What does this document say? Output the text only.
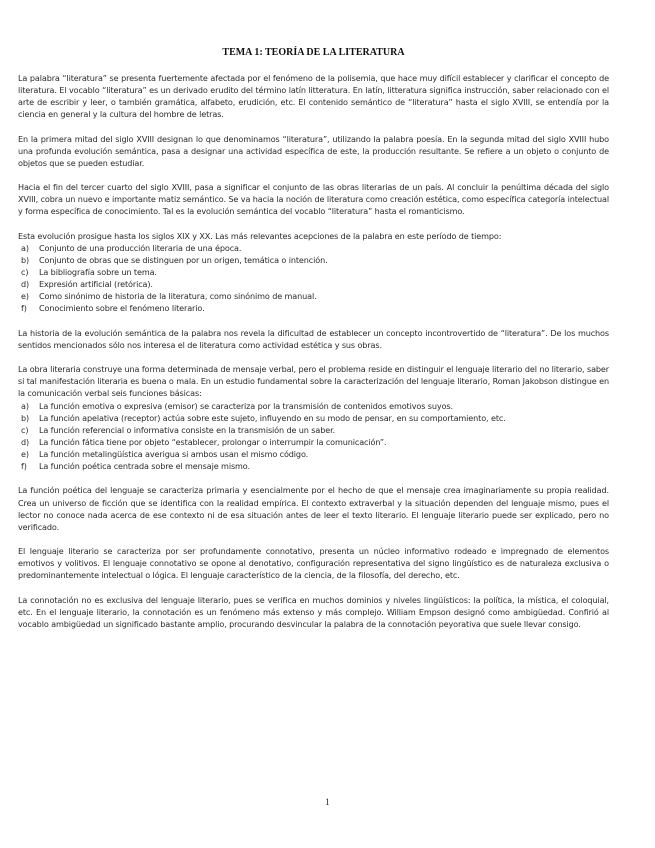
TEMA 1: TEORÍA DE LA LITERATURA

La palabra “literatura” se presenta fuertemente afectada por el fenómeno de la polisemia, que hace muy difícil establecer y clarificar el concepto de literatura. El vocablo “literatura” es un derivado erudito del término latín litteratura. En latín, litteratura significa instrucción, saber relacionado con el arte de escribir y leer, o también gramática, alfabeto, erudición, etc. El contenido semántico de “literatura” hasta el siglo XVIII, se entendía por la ciencia en general y la cultura del hombre de letras.

En la primera mitad del siglo XVIII designan lo que denominamos “literatura”, utilizando la palabra poesía. En la segunda mitad del siglo XVIII hubo una profunda evolución semántica, pasa a designar una actividad específica de este, la producción resultante. Se refiere a un objeto o conjunto de objetos que se pueden estudiar.

Hacia el fin del tercer cuarto del siglo XVIII, pasa a significar el conjunto de las obras literarias de un país. Al concluir la penúltima década del siglo XVIII, cobra un nuevo e importante matiz semántico. Se va hacia la noción de literatura como creación estética, como específica categoría intelectual y forma específica de conocimiento. Tal es la evolución semántica del vocablo “literatura” hasta el romanticismo.

Esta evolución prosigue hasta los siglos XIX y XX. Las más relevantes acepciones de la palabra en este período de tiempo:

a) Conjunto de una producción literaria de una época.
b) Conjunto de obras que se distinguen por un origen, temática o intención.
c) La bibliografía sobre un tema.
d) Expresión artificial (retórica).
e) Como sinónimo de historia de la literatura, como sinónimo de manual.
f) Conocimiento sobre el fenómeno literario.

La historia de la evolución semántica de la palabra nos revela la dificultad de establecer un concepto incontrovertido de “literatura”. De los muchos sentidos mencionados sólo nos interesa el de literatura como actividad estética y sus obras.

La obra literaria construye una forma determinada de mensaje verbal, pero el problema reside en distinguir el lenguaje literario del no literario, saber si tal manifestación literaria es buena o mala. En un estudio fundamental sobre la caracterización del lenguaje literario, Roman Jakobson distingue en la comunicación verbal seis funciones básicas:

a) La función emotiva o expresiva (emisor) se caracteriza por la transmisión de contenidos emotivos suyos.
b) La función apelativa (receptor) actúa sobre este sujeto, influyendo en su modo de pensar, en su comportamiento, etc.
c) La función referencial o informativa consiste en la transmisión de un saber.
d) La función fática tiene por objeto “establecer, prolongar o interrumpir la comunicación”.
e) La función metalingüística averigua si ambos usan el mismo código.
f) La función poética centrada sobre el mensaje mismo.

La función poética del lenguaje se caracteriza primaria y esencialmente por el hecho de que el mensaje crea imaginariamente su propia realidad. Crea un universo de ficción que se identifica con la realidad empírica. El contexto extraverbal y la situación dependen del lenguaje mismo, pues el lector no conoce nada acerca de ese contexto ni de esa situación antes de leer el texto literario. El lenguaje literario puede ser explicado, pero no verificado.

El lenguaje literario se caracteriza por ser profundamente connotativo, presenta un núcleo informativo rodeado e impregnado de elementos emotivos y volitivos. El lenguaje connotativo se opone al denotativo, configuración representativa del signo lingüístico es de naturaleza exclusiva o predominantemente intelectual o lógica. El lenguaje característico de la ciencia, de la filosofía, del derecho, etc.

La connotación no es exclusiva del lenguaje literario, pues se verifica en muchos dominios y niveles lingüísticos: la política, la mística, el coloquial, etc. En el lenguaje literario, la connotación es un fenómeno más extenso y más complejo. William Empson designó como ambigüedad. Confirió al vocablo ambigüedad un significado bastante amplio, procurando desvincular la palabra de la connotación peyorativa que suele llevar consigo.

1
